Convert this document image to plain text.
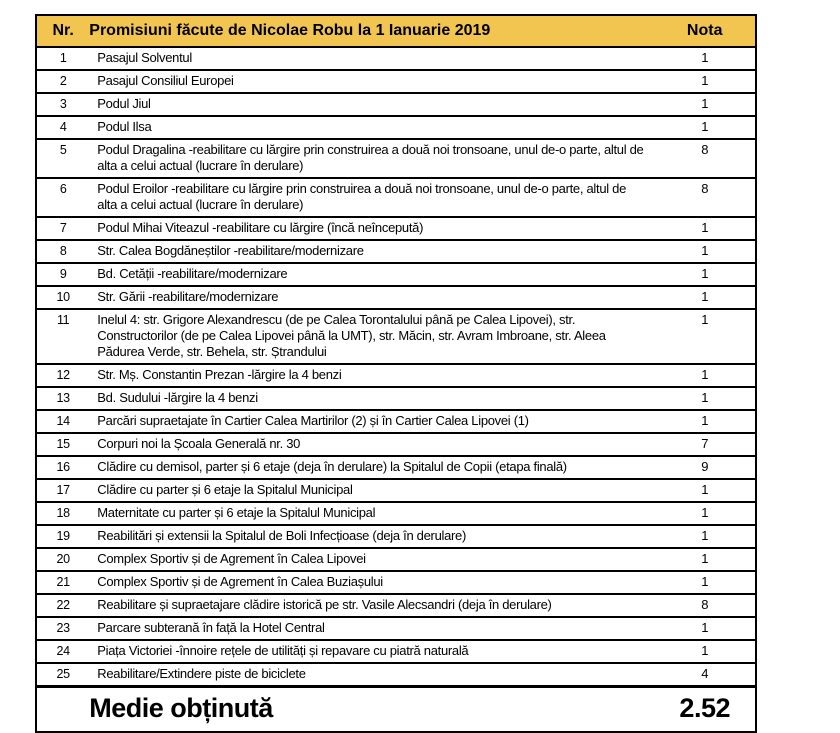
Nr.	Promisiuni făcute de Nicolae Robu la 1 Ianuarie 2019	Nota
1	Pasajul Solventul	1
2	Pasajul Consiliul Europei	1
3	Podul Jiul	1
4	Podul Ilsa	1
5	Podul Dragalina -reabilitare cu lărgire prin construirea a două noi tronsoane, unul de-o parte, altul de alta a celui actual (lucrare în derulare)	8
6	Podul Eroilor -reabilitare cu lărgire prin construirea a două noi tronsoane, unul de-o parte, altul de alta a celui actual (lucrare în derulare)	8
7	Podul Mihai Viteazul -reabilitare cu lărgire (încă neîncepută)	1
8	Str. Calea Bogdăneștilor -reabilitare/modernizare	1
9	Bd. Cetății -reabilitare/modernizare	1
10	Str. Gării -reabilitare/modernizare	1
11	Inelul 4: str. Grigore Alexandrescu (de pe Calea Torontalului până pe Calea Lipovei), str. Constructorilor (de pe Calea Lipovei până la UMT), str. Măcin, str. Avram Imbroane, str. Aleea Pădurea Verde, str. Behela, str. Ștrandului	1
12	Str. Mș. Constantin Prezan -lărgire la 4 benzi	1
13	Bd. Sudului -lărgire la 4 benzi	1
14	Parcări supraetajate în Cartier Calea Martirilor (2) și în Cartier Calea Lipovei (1)	1
15	Corpuri noi la Școala Generală nr. 30	7
16	Clădire cu demisol, parter și 6 etaje (deja în derulare) la Spitalul de Copii (etapa finală)	9
17	Clădire cu parter și 6 etaje la Spitalul Municipal	1
18	Maternitate cu parter și 6 etaje la Spitalul Municipal	1
19	Reabilitări și extensii la Spitalul de Boli Infecțioase (deja în derulare)	1
20	Complex Sportiv și de Agrement în Calea Lipovei	1
21	Complex Sportiv și de Agrement în Calea Buziașului	1
22	Reabilitare și supraetajare clădire istorică pe str. Vasile Alecsandri (deja în derulare)	8
23	Parcare subterană în față la Hotel Central	1
24	Piața Victoriei -înnoire rețele de utilități și repavare cu piatră naturală	1
25	Reabilitare/Extindere piste de biciclete	4
	Medie obținută	2.52
